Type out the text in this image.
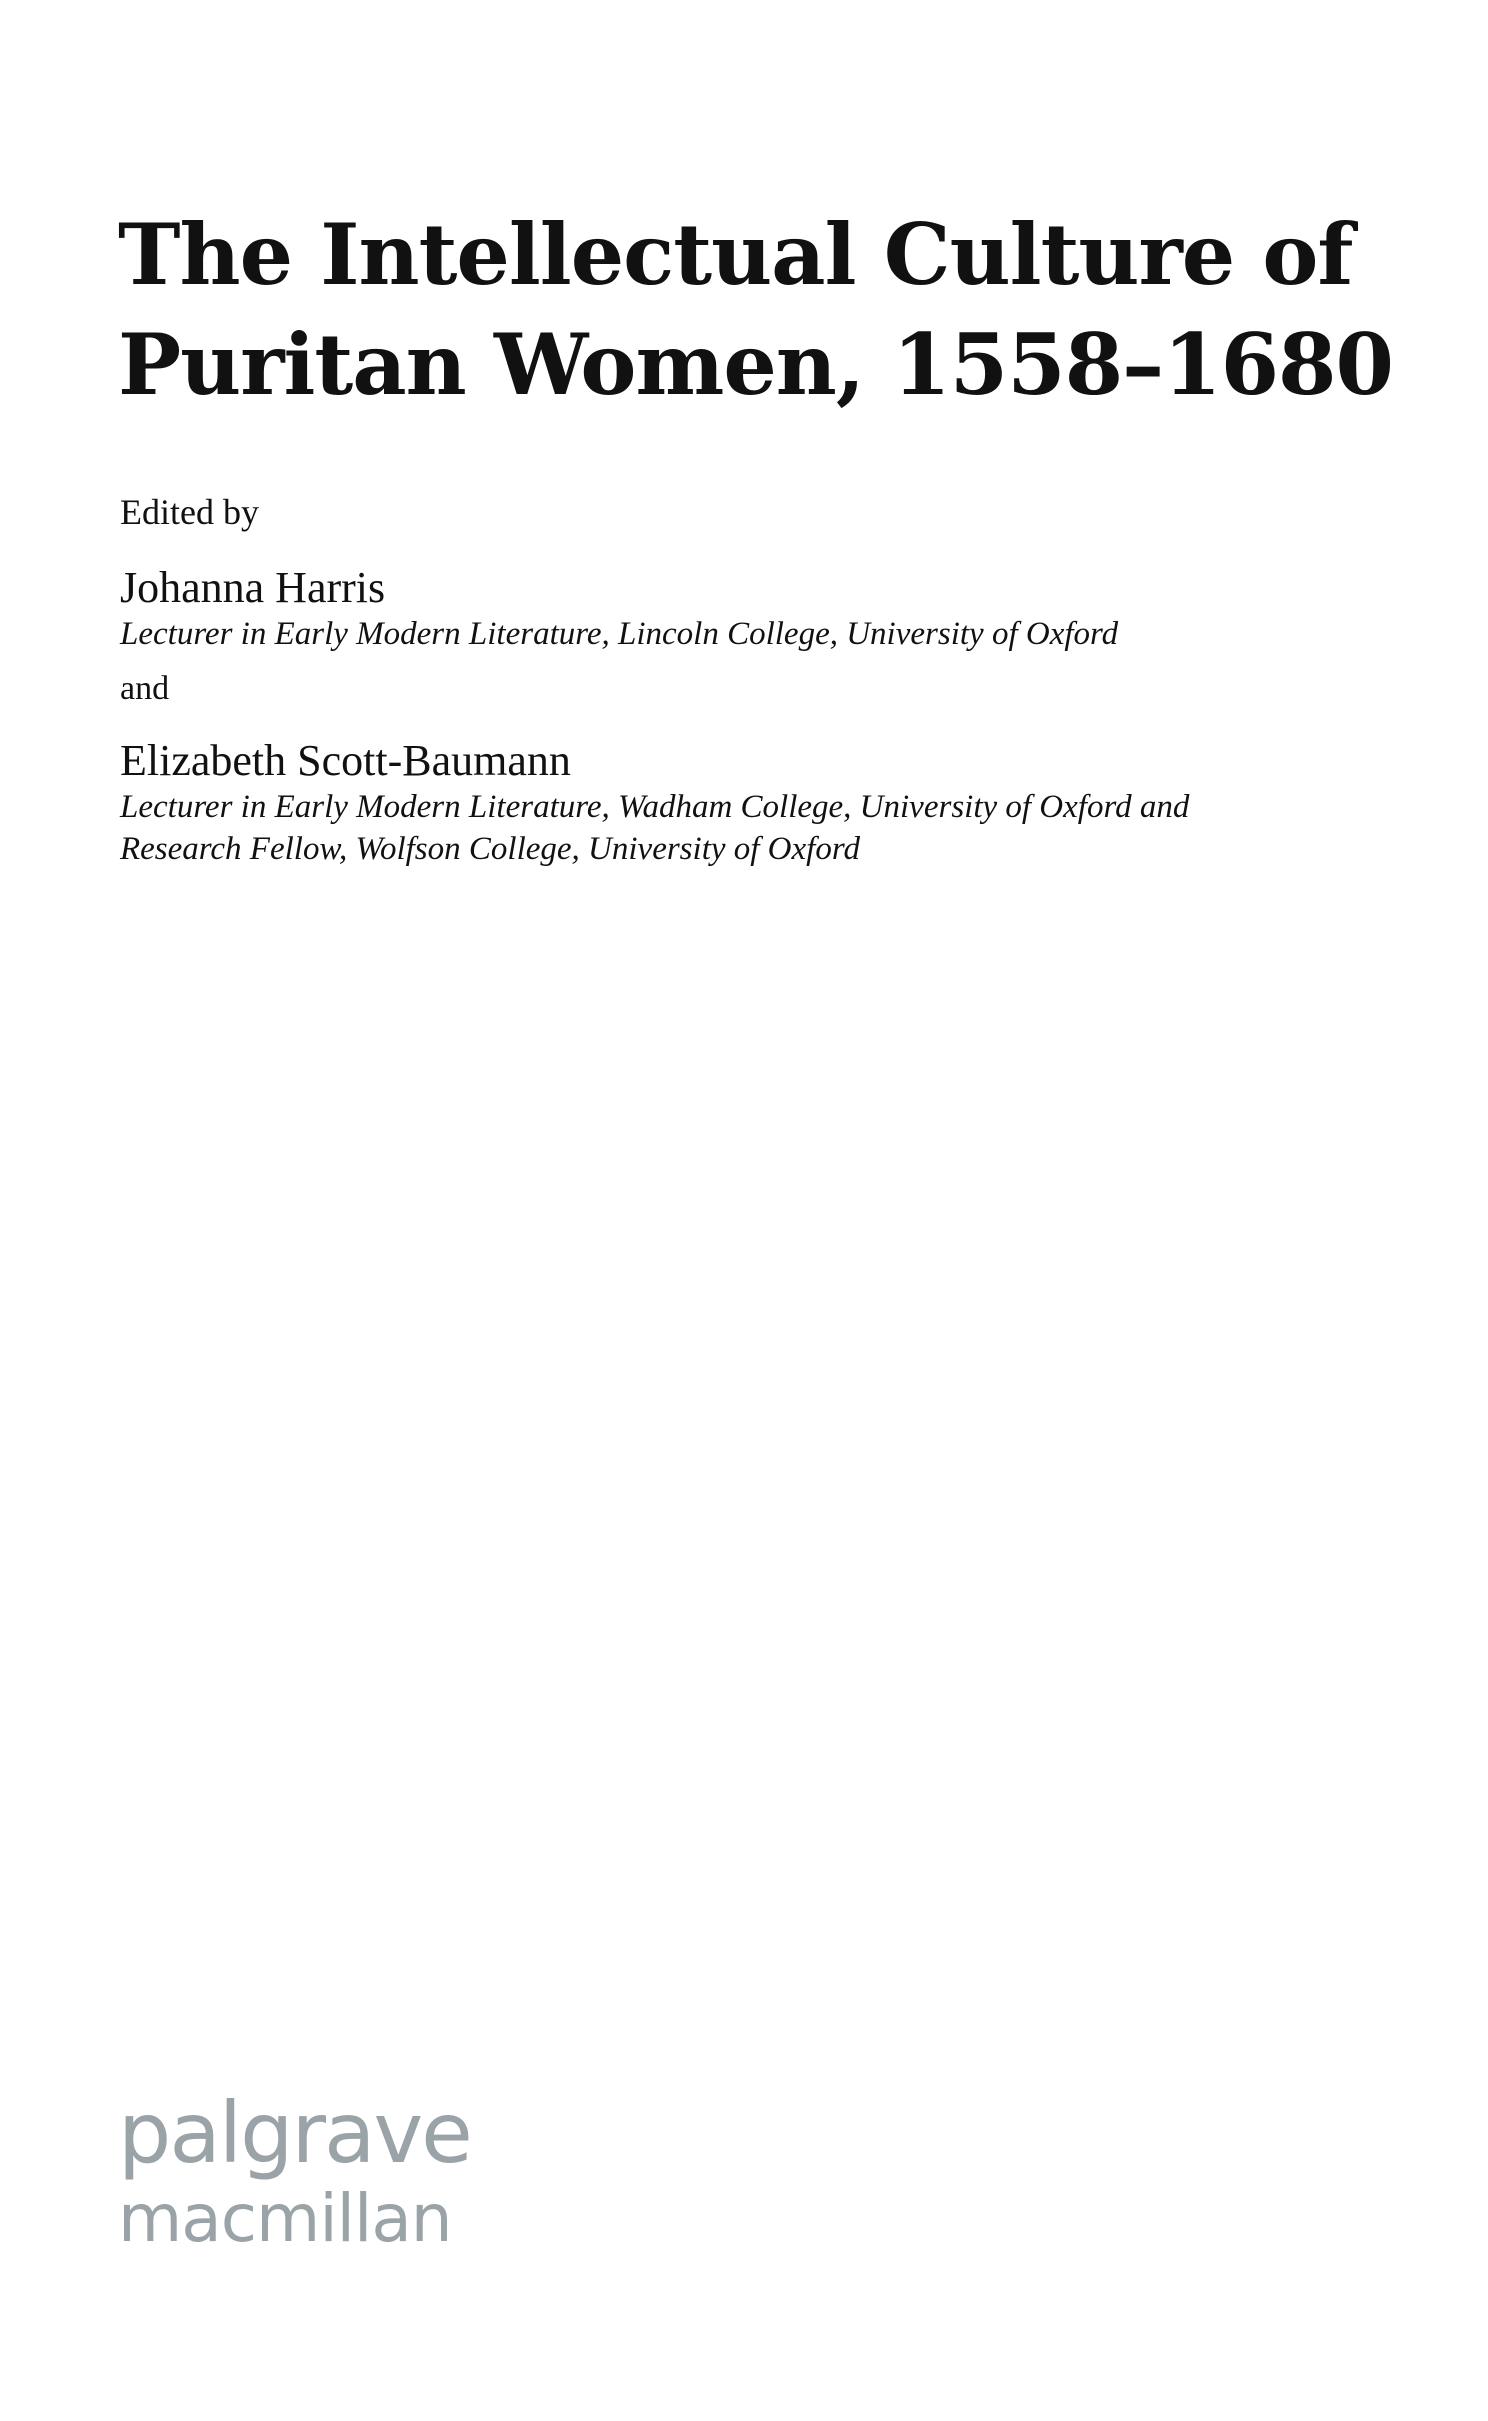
The Intellectual Culture of
Puritan Women, 1558–1680
Edited by
Johanna Harris
Lecturer in Early Modern Literature, Lincoln College, University of Oxford
and
Elizabeth Scott-Baumann
Lecturer in Early Modern Literature, Wadham College, University of Oxford and
Research Fellow, Wolfson College, University of Oxford
palgrave
macmillan
